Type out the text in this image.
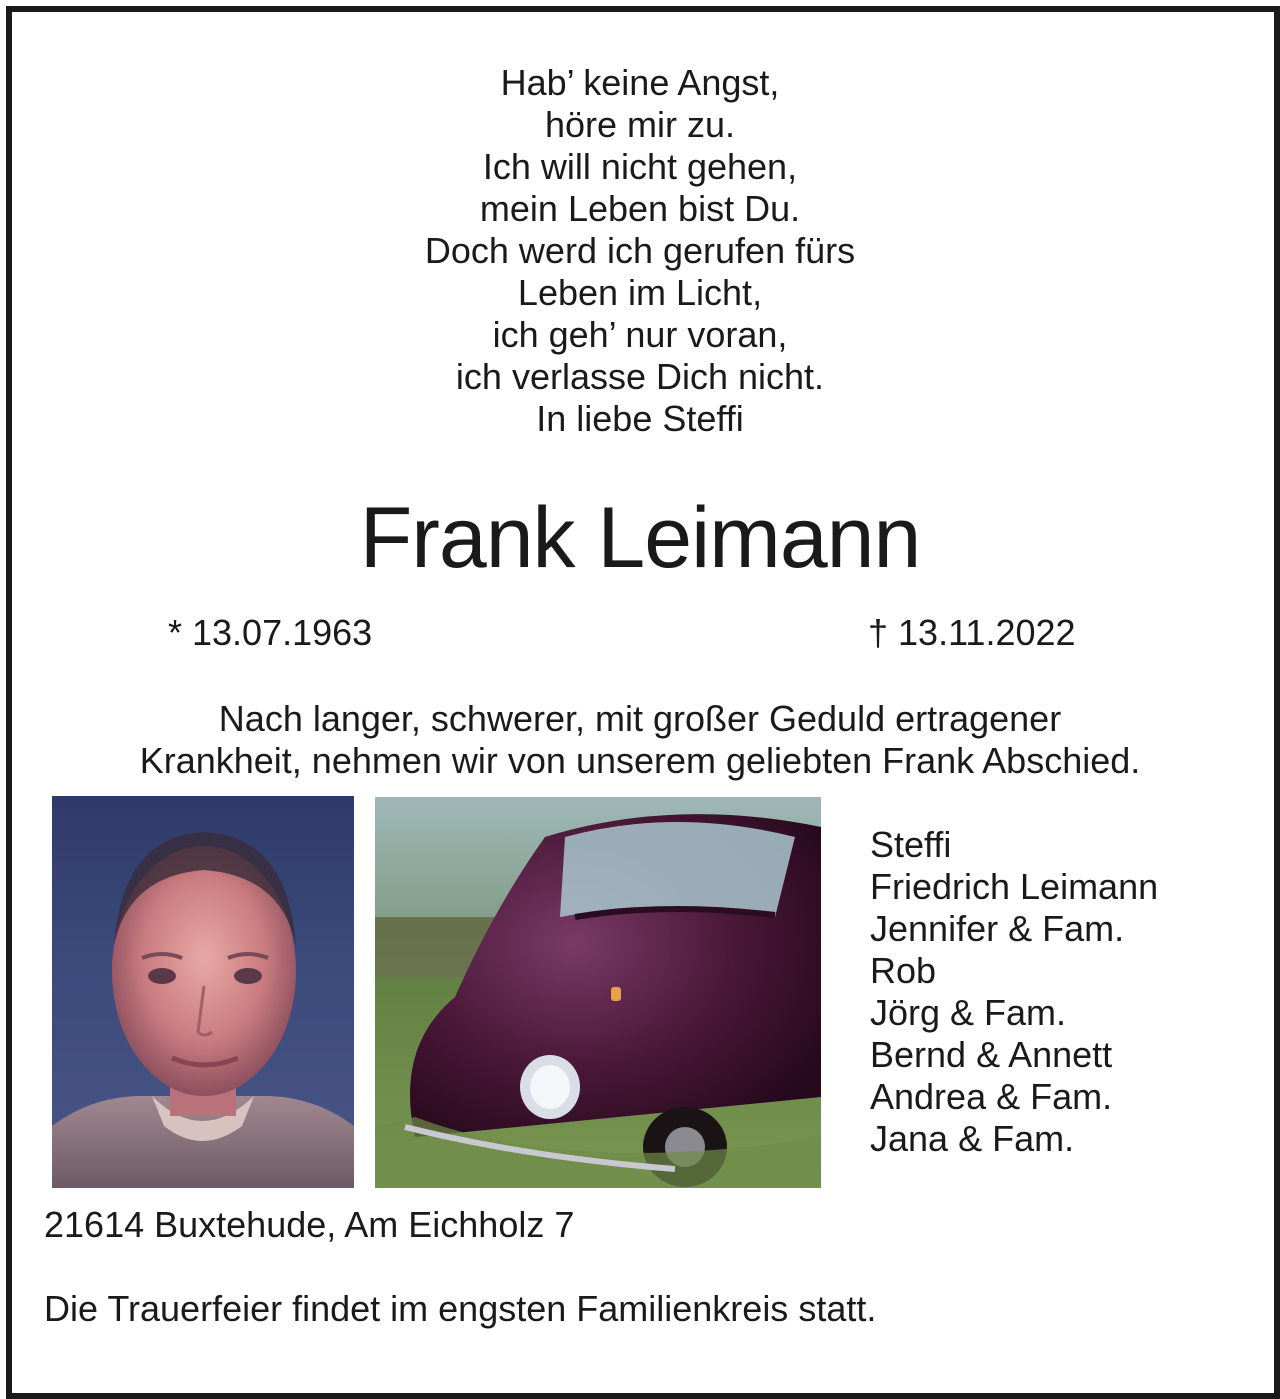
Hab’ keine Angst,
höre mir zu.
Ich will nicht gehen,
mein Leben bist Du.
Doch werd ich gerufen fürs
Leben im Licht,
ich geh’ nur voran,
ich verlasse Dich nicht.
In liebe Steffi
Frank Leimann
* 13.07.1963	† 13.11.2022
Nach langer, schwerer, mit großer Geduld ertragener
Krankheit, nehmen wir von unserem geliebten Frank Abschied.
Steffi
Friedrich Leimann
Jennifer & Fam.
Rob
Jörg & Fam.
Bernd & Annett
Andrea & Fam.
Jana & Fam.
21614 Buxtehude, Am Eichholz 7
Die Trauerfeier findet im engsten Familienkreis statt.
